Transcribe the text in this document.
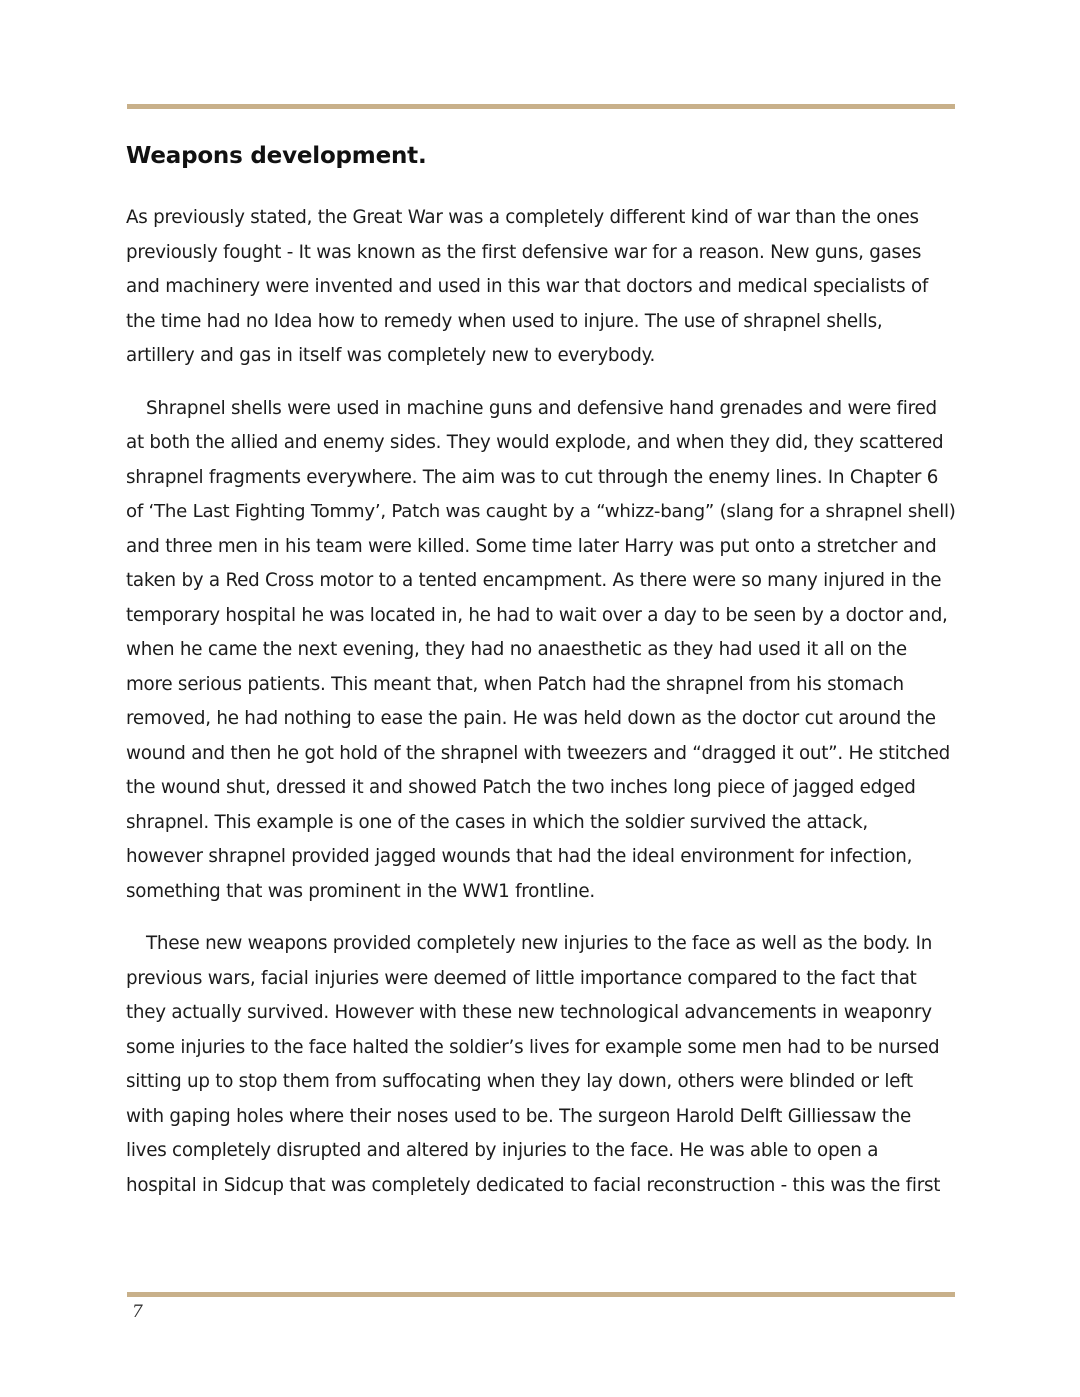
Weapons development.

As previously stated, the Great War was a completely different kind of war than the ones
previously fought - It was known as the first defensive war for a reason. New guns, gases
and machinery were invented and used in this war that doctors and medical specialists of
the time had no Idea how to remedy when used to injure. The use of shrapnel shells,
artillery and gas in itself was completely new to everybody.

Shrapnel shells were used in machine guns and defensive hand grenades and were fired
at both the allied and enemy sides. They would explode, and when they did, they scattered
shrapnel fragments everywhere. The aim was to cut through the enemy lines. In Chapter 6
of ‘The Last Fighting Tommy’, Patch was caught by a “whizz-bang” (slang for a shrapnel shell)
and three men in his team were killed. Some time later Harry was put onto a stretcher and
taken by a Red Cross motor to a tented encampment. As there were so many injured in the
temporary hospital he was located in, he had to wait over a day to be seen by a doctor and,
when he came the next evening, they had no anaesthetic as they had used it all on the
more serious patients. This meant that, when Patch had the shrapnel from his stomach
removed, he had nothing to ease the pain. He was held down as the doctor cut around the
wound and then he got hold of the shrapnel with tweezers and “dragged it out”. He stitched
the wound shut, dressed it and showed Patch the two inches long piece of jagged edged
shrapnel. This example is one of the cases in which the soldier survived the attack,
however shrapnel provided jagged wounds that had the ideal environment for infection,
something that was prominent in the WW1 frontline.

These new weapons provided completely new injuries to the face as well as the body. In
previous wars, facial injuries were deemed of little importance compared to the fact that
they actually survived. However with these new technological advancements in weaponry
some injuries to the face halted the soldier’s lives for example some men had to be nursed
sitting up to stop them from suffocating when they lay down, others were blinded or left
with gaping holes where their noses used to be. The surgeon Harold Delft Gilliessaw the
lives completely disrupted and altered by injuries to the face. He was able to open a
hospital in Sidcup that was completely dedicated to facial reconstruction - this was the first

7
